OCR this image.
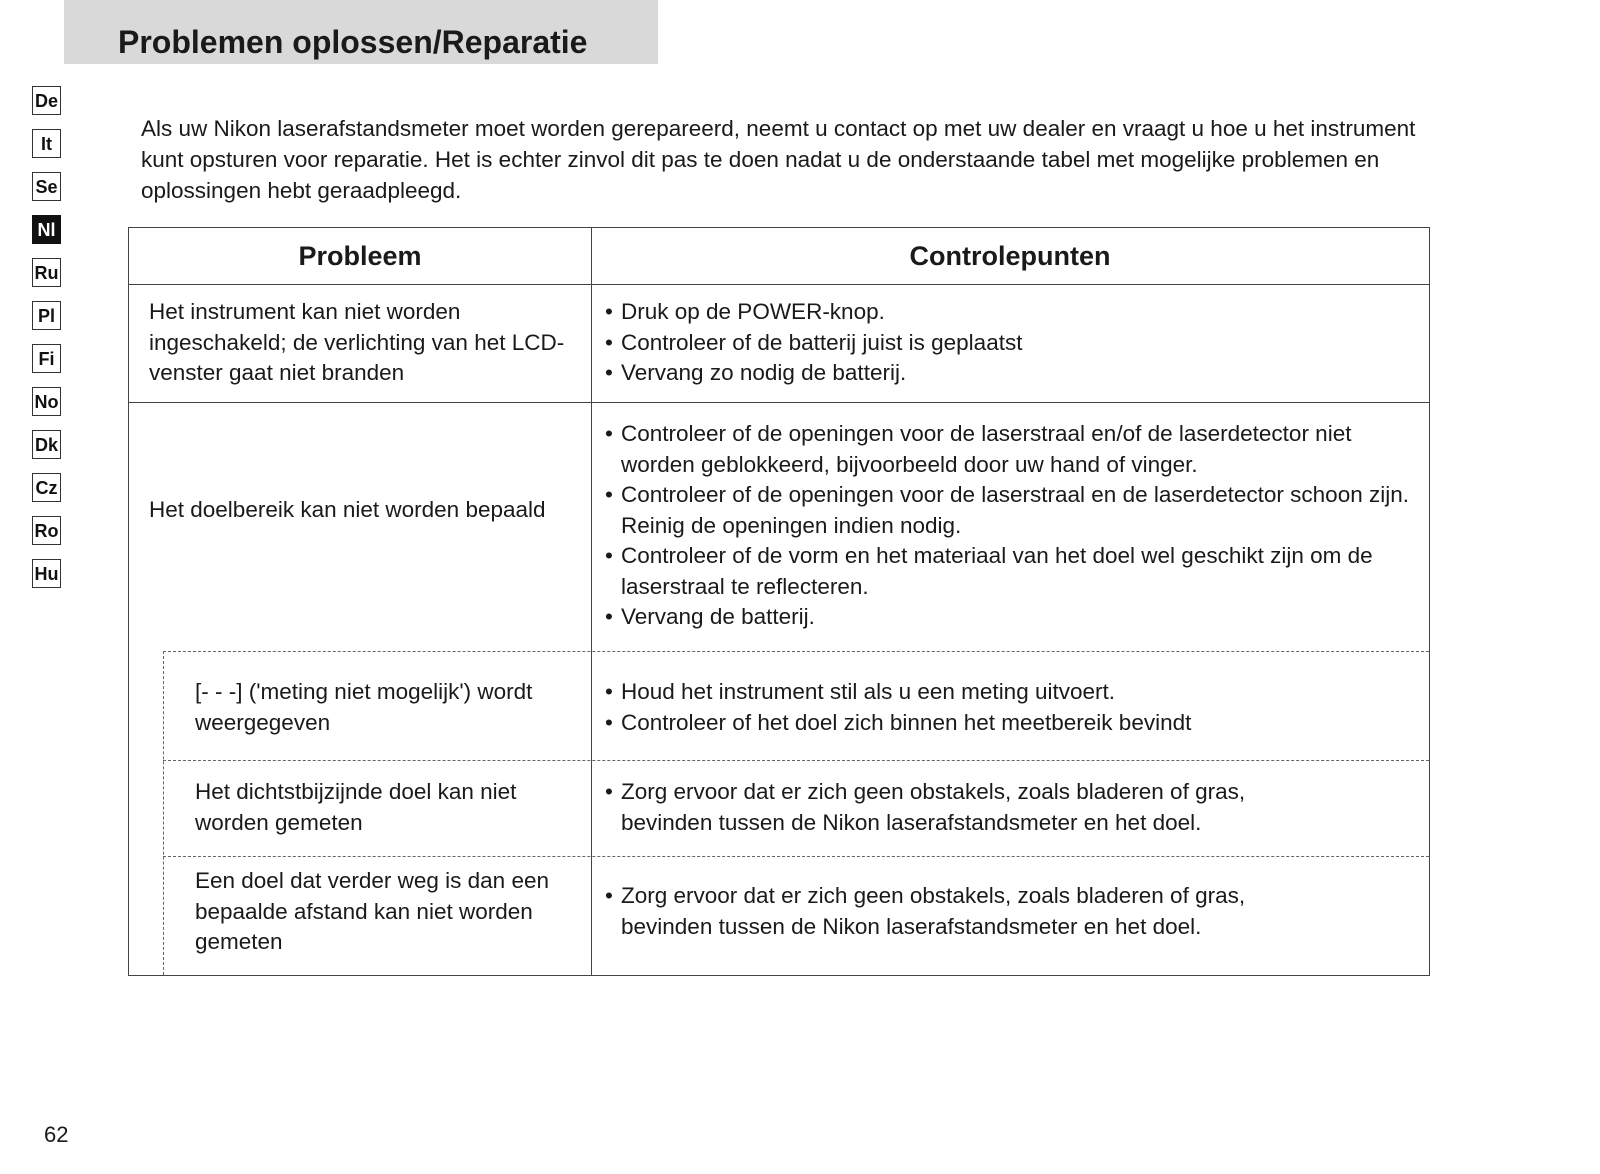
Problemen oplossen/Reparatie
De
It
Se
Nl
Ru
Pl
Fi
No
Dk
Cz
Ro
Hu

Als uw Nikon laserafstandsmeter moet worden gerepareerd, neemt u contact op met uw dealer en vraagt u hoe u het instrument kunt opsturen voor reparatie. Het is echter zinvol dit pas te doen nadat u de onderstaande tabel met mogelijke problemen en oplossingen hebt geraadpleegd.

Probleem	Controlepunten
Het instrument kan niet worden ingeschakeld; de verlichting van het LCD-venster gaat niet branden
• Druk op de POWER-knop.
• Controleer of de batterij juist is geplaatst
• Vervang zo nodig de batterij.
Het doelbereik kan niet worden bepaald
• Controleer of de openingen voor de laserstraal en/of de laserdetector niet worden geblokkeerd, bijvoorbeeld door uw hand of vinger.
• Controleer of de openingen voor de laserstraal en de laserdetector schoon zijn. Reinig de openingen indien nodig.
• Controleer of de vorm en het materiaal van het doel wel geschikt zijn om de laserstraal te reflecteren.
• Vervang de batterij.
[- - -] ('meting niet mogelijk') wordt weergegeven
• Houd het instrument stil als u een meting uitvoert.
• Controleer of het doel zich binnen het meetbereik bevindt
Het dichtstbijzijnde doel kan niet worden gemeten
• Zorg ervoor dat er zich geen obstakels, zoals bladeren of gras, bevinden tussen de Nikon laserafstandsmeter en het doel.
Een doel dat verder weg is dan een bepaalde afstand kan niet worden gemeten
• Zorg ervoor dat er zich geen obstakels, zoals bladeren of gras, bevinden tussen de Nikon laserafstandsmeter en het doel.
62
